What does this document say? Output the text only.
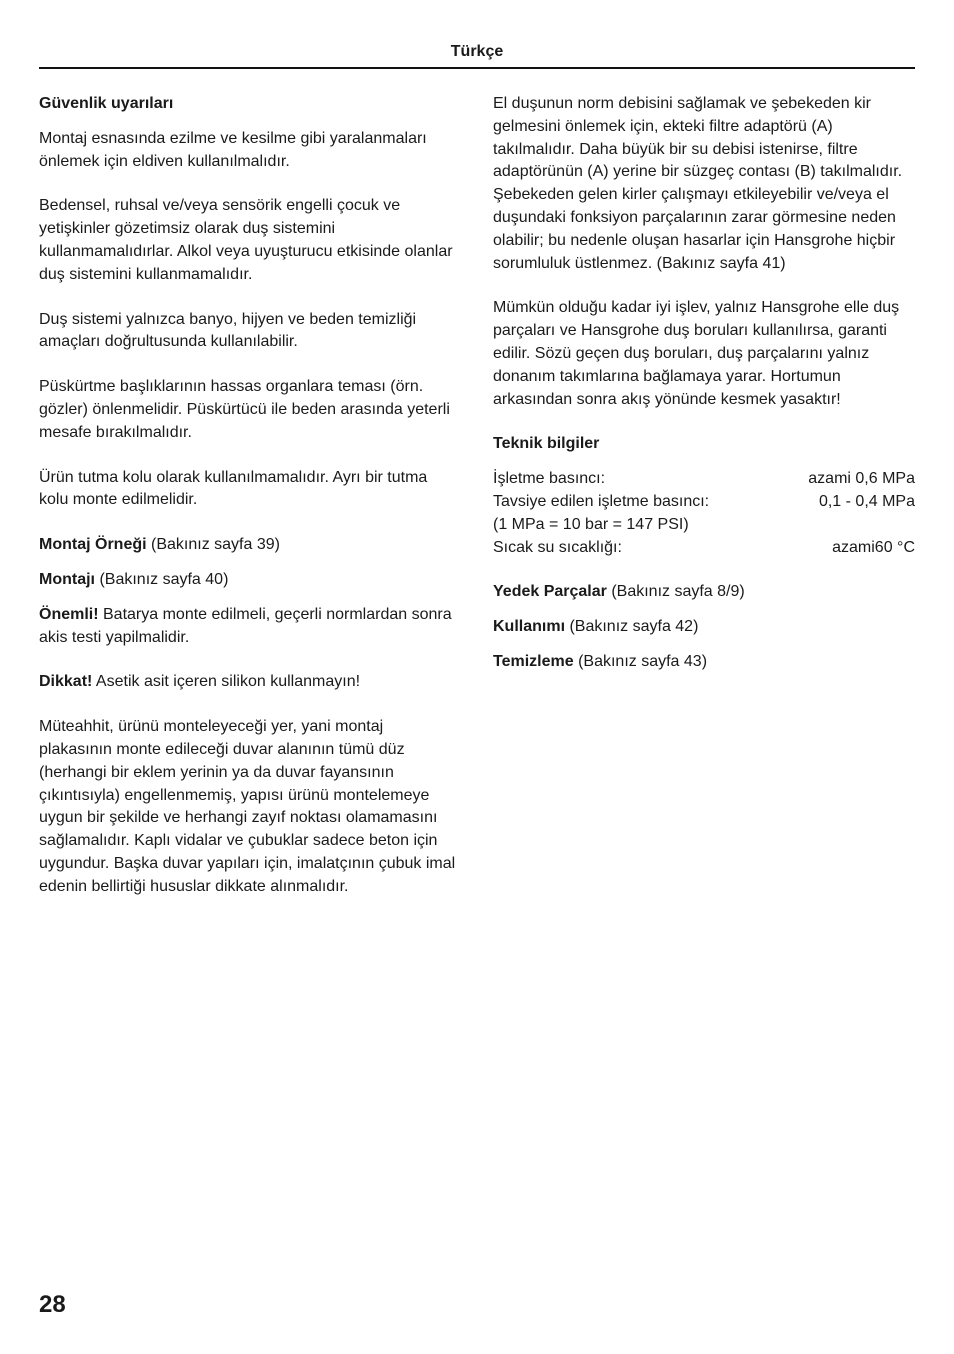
Türkçe

Güvenlik uyarıları

Montaj esnasında ezilme ve kesilme gibi yaralanmaları önlemek için eldiven kullanılmalıdır.

Bedensel, ruhsal ve/veya sensörik engelli çocuk ve yetişkinler gözetimsiz olarak duş sistemini kullanmamalıdırlar. Alkol veya uyuşturucu etkisinde olanlar duş sistemini kullanmamalıdır.

Duş sistemi yalnızca banyo, hijyen ve beden temizliği amaçları doğrultusunda kullanılabilir.

Püskürtme başlıklarının hassas organlara teması (örn. gözler) önlenmelidir. Püskürtücü ile beden arasında yeterli mesafe bırakılmalıdır.

Ürün tutma kolu olarak kullanılmamalıdır. Ayrı bir tutma kolu monte edilmelidir.

Montaj Örneği (Bakınız sayfa 39)

Montajı (Bakınız sayfa 40)

Önemli! Batarya monte edilmeli, geçerli normlardan sonra akis testi yapilmalidir.

Dikkat! Asetik asit içeren silikon kullanmayın!

Müteahhit, ürünü monteleyeceği yer, yani montaj plakasının monte edileceği duvar alanının tümü düz (herhangi bir eklem yerinin ya da duvar fayansının çıkıntısıyla) engellenmemiş, yapısı ürünü montelemeye uygun bir şekilde ve herhangi zayıf noktası olamamasını sağlamalıdır. Kaplı vidalar ve çubuklar sadece beton için uygundur. Başka duvar yapıları için, imalatçının çubuk imal edenin bellirtiği hususlar dikkate alınmalıdır.

El duşunun norm debisini sağlamak ve şebekeden kir gelmesini önlemek için, ekteki filtre adaptörü (A) takılmalıdır. Daha büyük bir su debisi istenirse, filtre adaptörünün (A) yerine bir süzgeç contası (B) takılmalıdır. Şebekeden gelen kirler çalışmayı etkileyebilir ve/veya el duşundaki fonksiyon parçalarının zarar görmesine neden olabilir; bu nedenle oluşan hasarlar için Hansgrohe hiçbir sorumluluk üstlenmez. (Bakınız sayfa 41)

Mümkün olduğu kadar iyi işlev, yalnız Hansgrohe elle duş parçaları ve Hansgrohe duş boruları kullanılırsa, garanti edilir. Sözü geçen duş boruları, duş parçalarını yalnız donanım takımlarına bağlamaya yarar. Hortumun arkasından sonra akış yönünde kesmek yasaktır!

Teknik bilgiler

İşletme basıncı:	azami 0,6 MPa
Tavsiye edilen işletme basıncı:	0,1 - 0,4 MPa
(1 MPa = 10 bar = 147 PSI)
Sıcak su sıcaklığı:	azami60 °C

Yedek Parçalar (Bakınız sayfa 8/9)

Kullanımı (Bakınız sayfa 42)

Temizleme (Bakınız sayfa 43)

28
